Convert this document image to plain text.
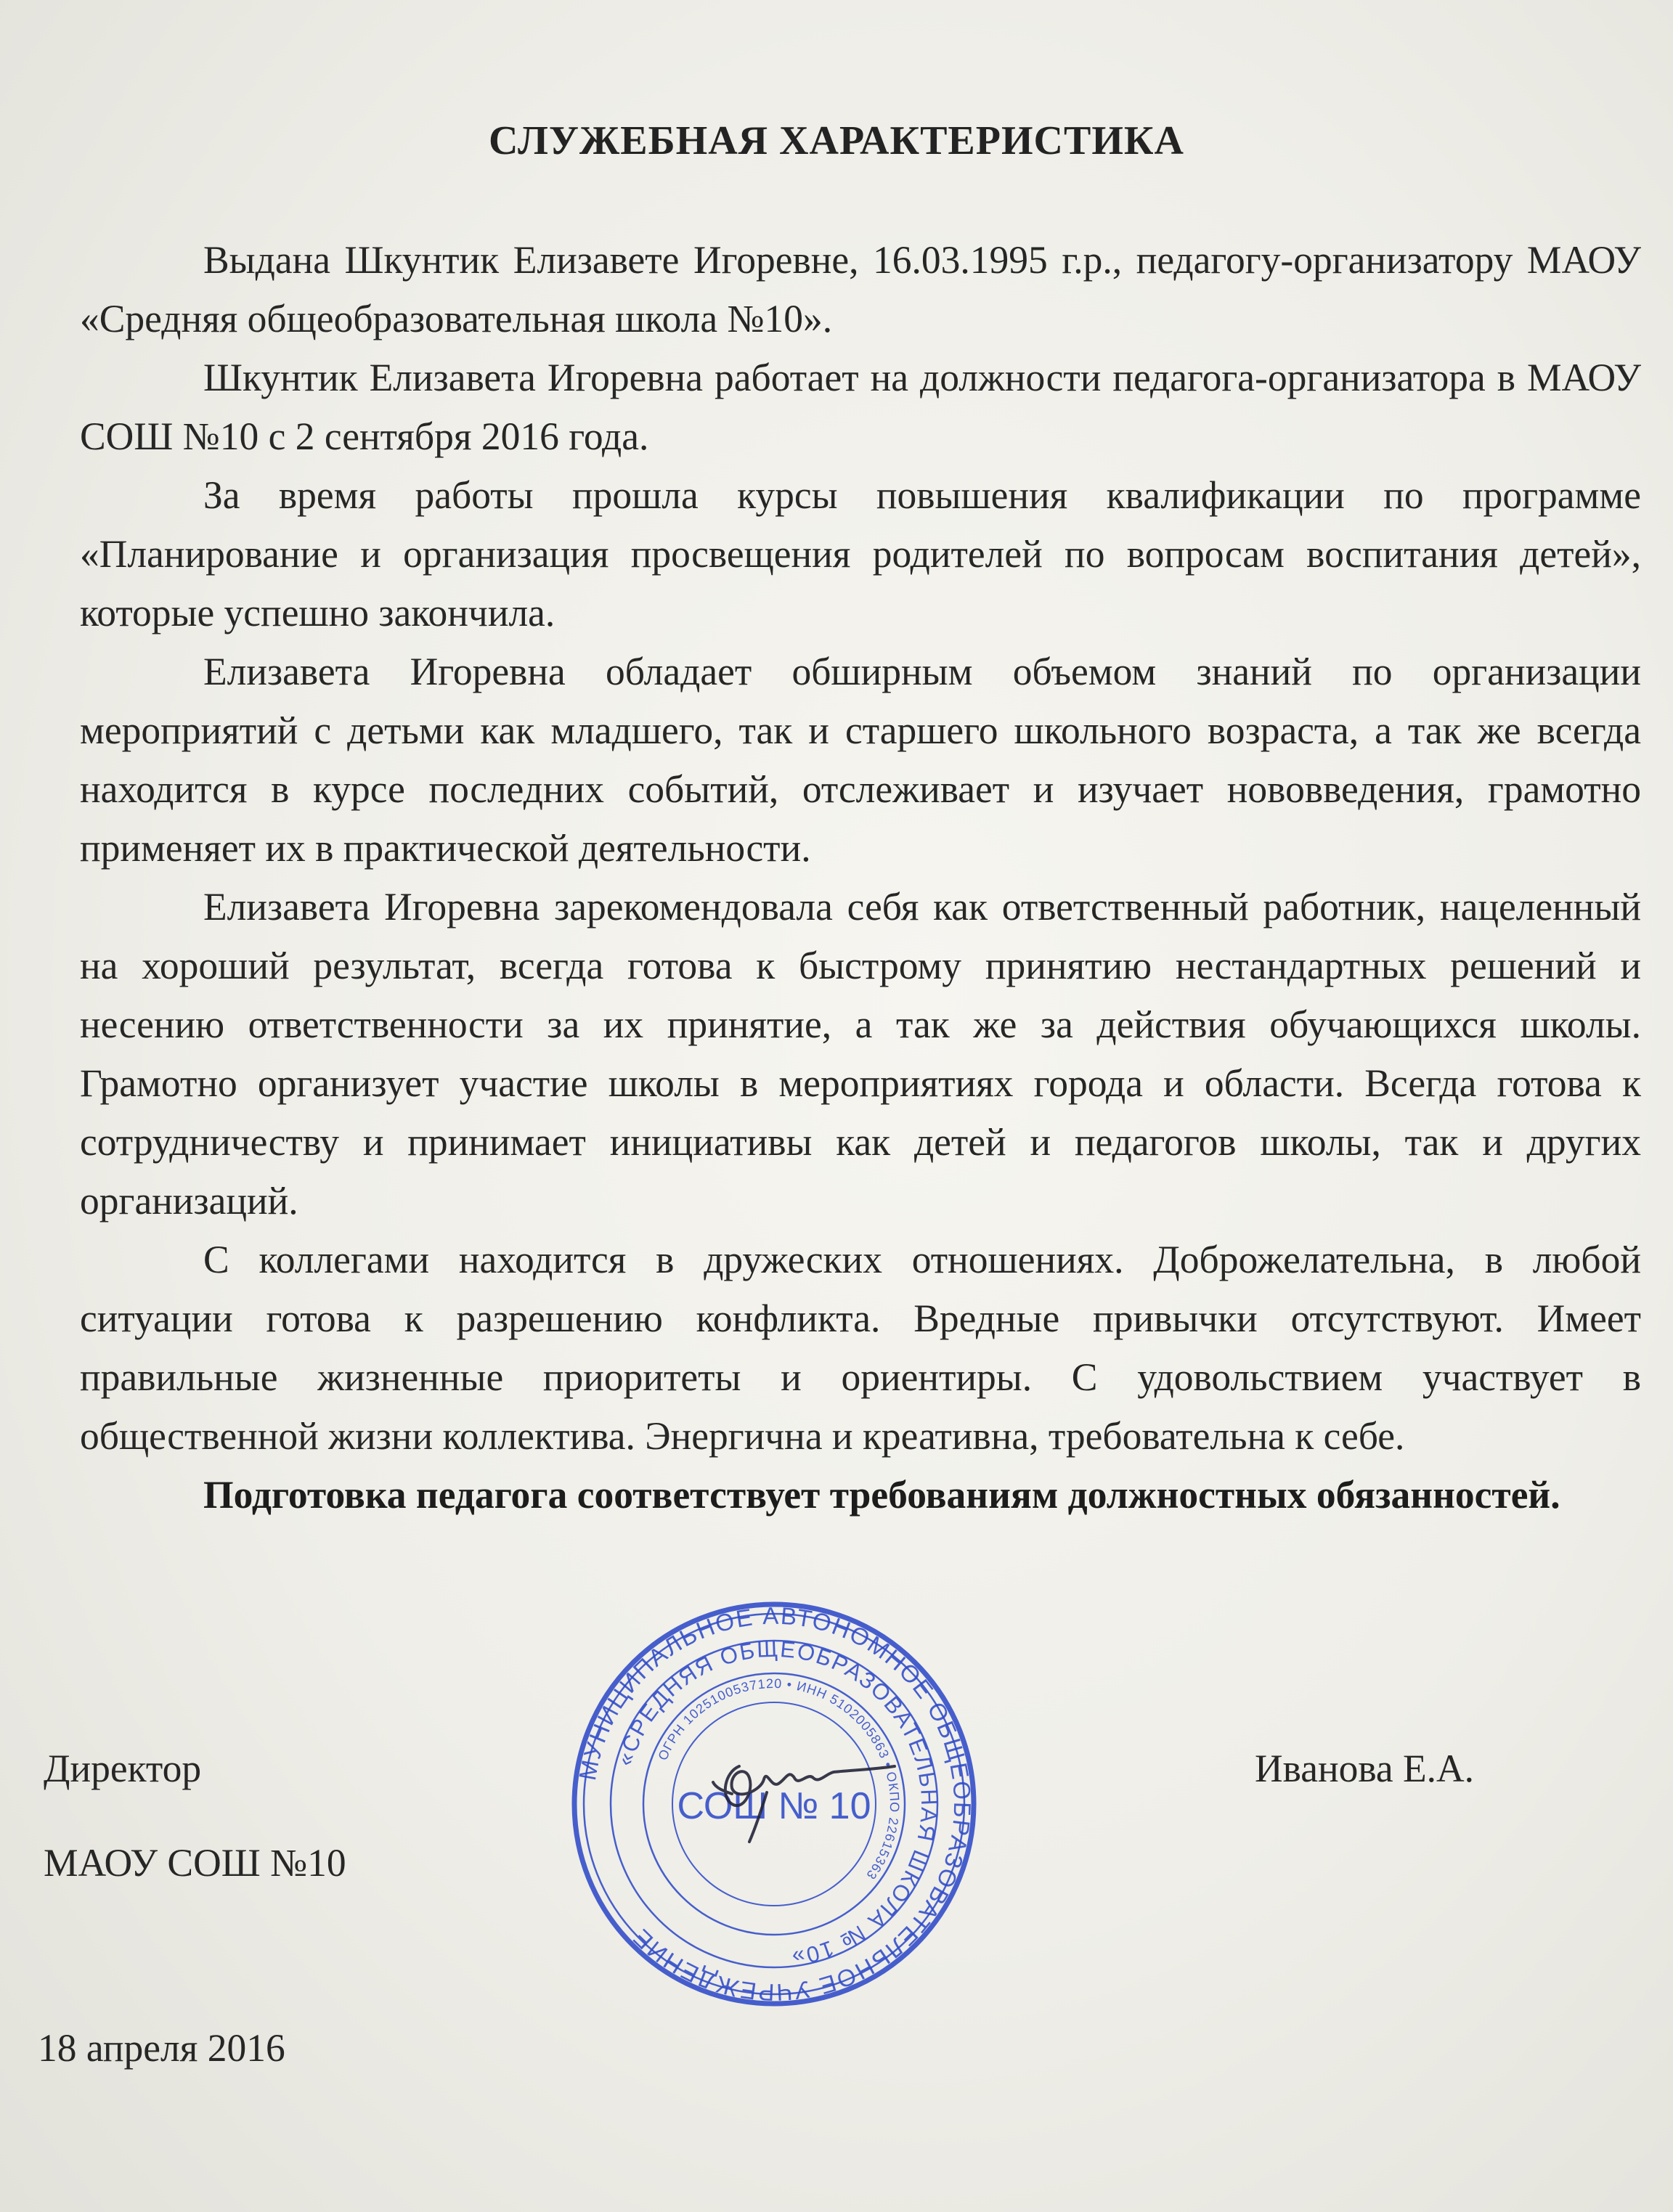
СЛУЖЕБНАЯ ХАРАКТЕРИСТИКА

Выдана Шкунтик Елизавете Игоревне, 16.03.1995 г.р., педагогу-организатору МАОУ «Средняя общеобразовательная школа №10».

Шкунтик Елизавета Игоревна работает на должности педагога-организатора в МАОУ СОШ №10 с 2 сентября 2016 года.

За время работы прошла курсы повышения квалификации по программе «Планирование и организация просвещения родителей по вопросам воспитания детей», которые успешно закончила.

Елизавета Игоревна обладает обширным объемом знаний по организации мероприятий с детьми как младшего, так и старшего школьного возраста, а так же всегда находится в курсе последних событий, отслеживает и изучает нововведения, грамотно применяет их в практической деятельности.

Елизавета Игоревна зарекомендовала себя как ответственный работник, нацеленный на хороший результат, всегда готова к быстрому принятию нестандартных решений и несению ответственности за их принятие, а так же за действия обучающихся школы. Грамотно организует участие школы в мероприятиях города и области. Всегда готова к сотрудничеству и принимает инициативы как детей и педагогов школы, так и других организаций.

С коллегами находится в дружеских отношениях. Доброжелательна, в любой ситуации готова к разрешению конфликта. Вредные привычки отсутствуют. Имеет правильные жизненные приоритеты и ориентиры. С удовольствием участвует в общественной жизни коллектива. Энергична и креативна, требовательна к себе.

Подготовка педагога соответствует требованиям должностных обязанностей.

Директор
МАОУ СОШ №10
Иванова Е.А.
18 апреля 2016
МУНИЦИПАЛЬНОЕ АВТОНОМНОЕ ОБЩЕОБРАЗОВАТЕЛЬНОЕ УЧРЕЖДЕНИЕ
«СРЕДНЯЯ ОБЩЕОБРАЗОВАТЕЛЬНАЯ ШКОЛА № 10»
ОГРН 1025100537120 • ИНН 5102005863 • ОКПО 22615363
СОШ № 10
